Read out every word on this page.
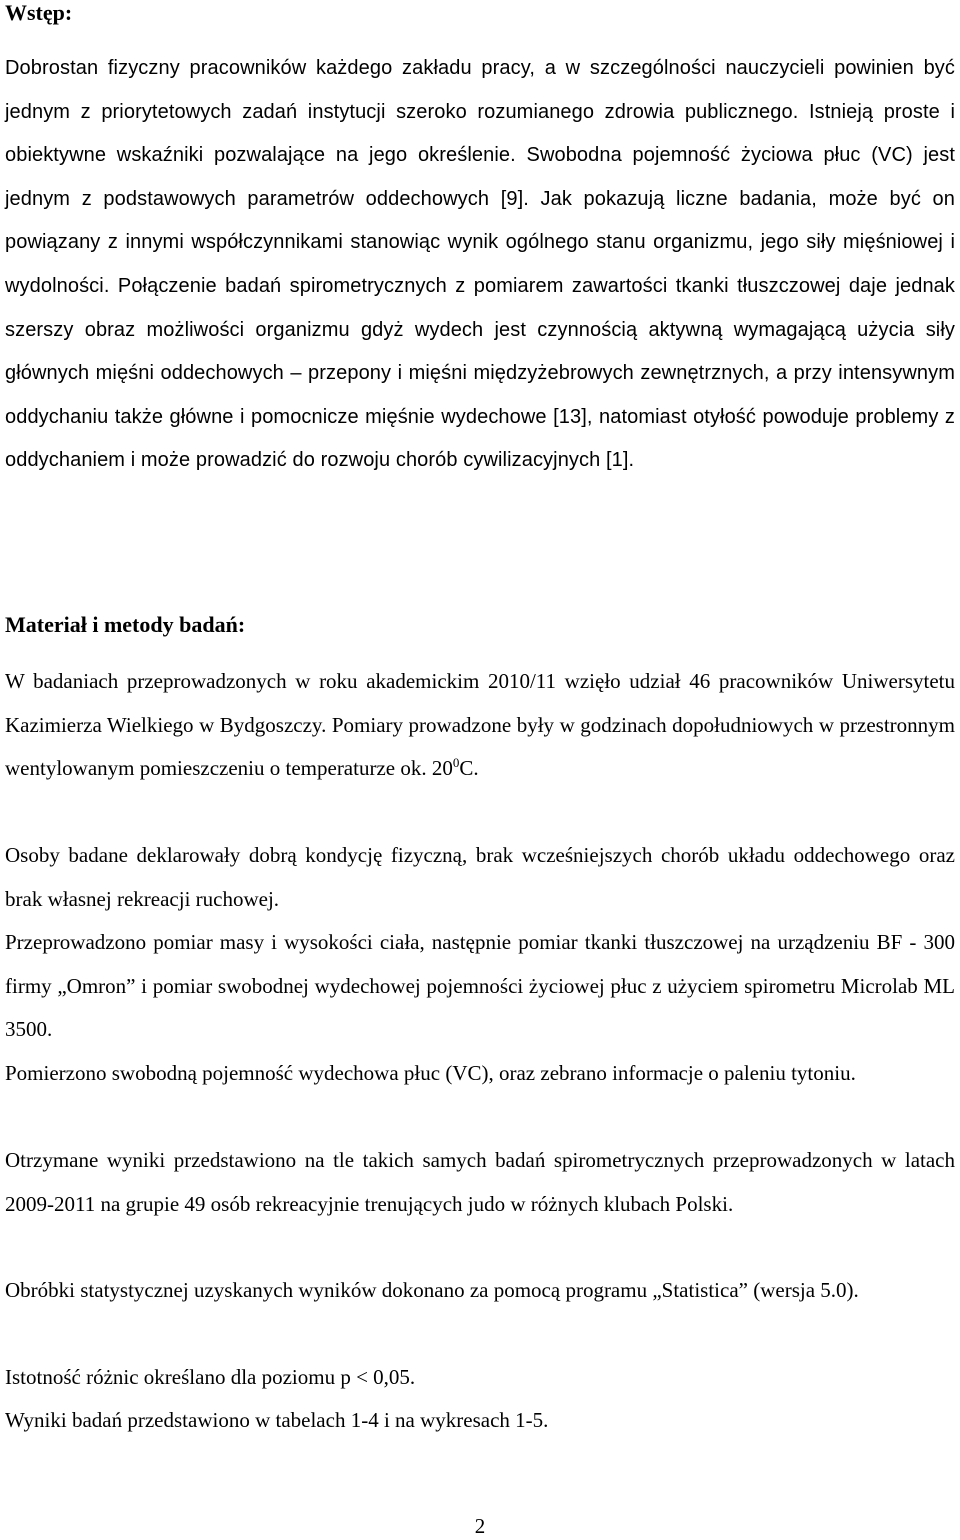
Wstęp:

Dobrostan fizyczny pracowników każdego zakładu pracy, a w szczególności nauczycieli powinien być jednym z priorytetowych zadań instytucji szeroko rozumianego zdrowia publicznego. Istnieją proste i obiektywne wskaźniki pozwalające na jego określenie. Swobodna pojemność życiowa płuc (VC) jest jednym z podstawowych parametrów oddechowych [9]. Jak pokazują liczne badania, może być on powiązany z innymi współczynnikami stanowiąc wynik ogólnego stanu organizmu, jego siły mięśniowej i wydolności. Połączenie badań spirometrycznych z pomiarem zawartości tkanki tłuszczowej daje jednak szerszy obraz możliwości organizmu gdyż wydech jest czynnością aktywną wymagającą użycia siły głównych mięśni oddechowych – przepony i mięśni międzyżebrowych zewnętrznych, a przy intensywnym oddychaniu także główne i pomocnicze mięśnie wydechowe [13], natomiast otyłość powoduje problemy z oddychaniem i może prowadzić do rozwoju chorób cywilizacyjnych [1].

Materiał i metody badań:

W badaniach przeprowadzonych w roku akademickim 2010/11 wzięło udział 46 pracowników Uniwersytetu Kazimierza Wielkiego w Bydgoszczy. Pomiary prowadzone były w godzinach dopołudniowych w przestronnym wentylowanym pomieszczeniu o temperaturze ok. $20^0C$.

Osoby badane deklarowały dobrą kondycję fizyczną, brak wcześniejszych chorób układu oddechowego oraz brak własnej rekreacji ruchowej.

Przeprowadzono pomiar masy i wysokości ciała, następnie pomiar tkanki tłuszczowej na urządzeniu BF - 300 firmy „Omron” i pomiar swobodnej wydechowej pojemności życiowej płuc z użyciem spirometru Microlab ML 3500.

Pomierzono swobodną pojemność wydechowa płuc (VC), oraz zebrano informacje o paleniu tytoniu.

Otrzymane wyniki przedstawiono na tle takich samych badań spirometrycznych przeprowadzonych w latach 2009-2011 na grupie 49 osób rekreacyjnie trenujących judo w różnych klubach Polski.

Obróbki statystycznej uzyskanych wyników dokonano za pomocą programu „Statistica” (wersja 5.0).

Istotność różnic określano dla poziomu p < 0,05.

Wyniki badań przedstawiono w tabelach 1-4 i na wykresach 1-5.

2
